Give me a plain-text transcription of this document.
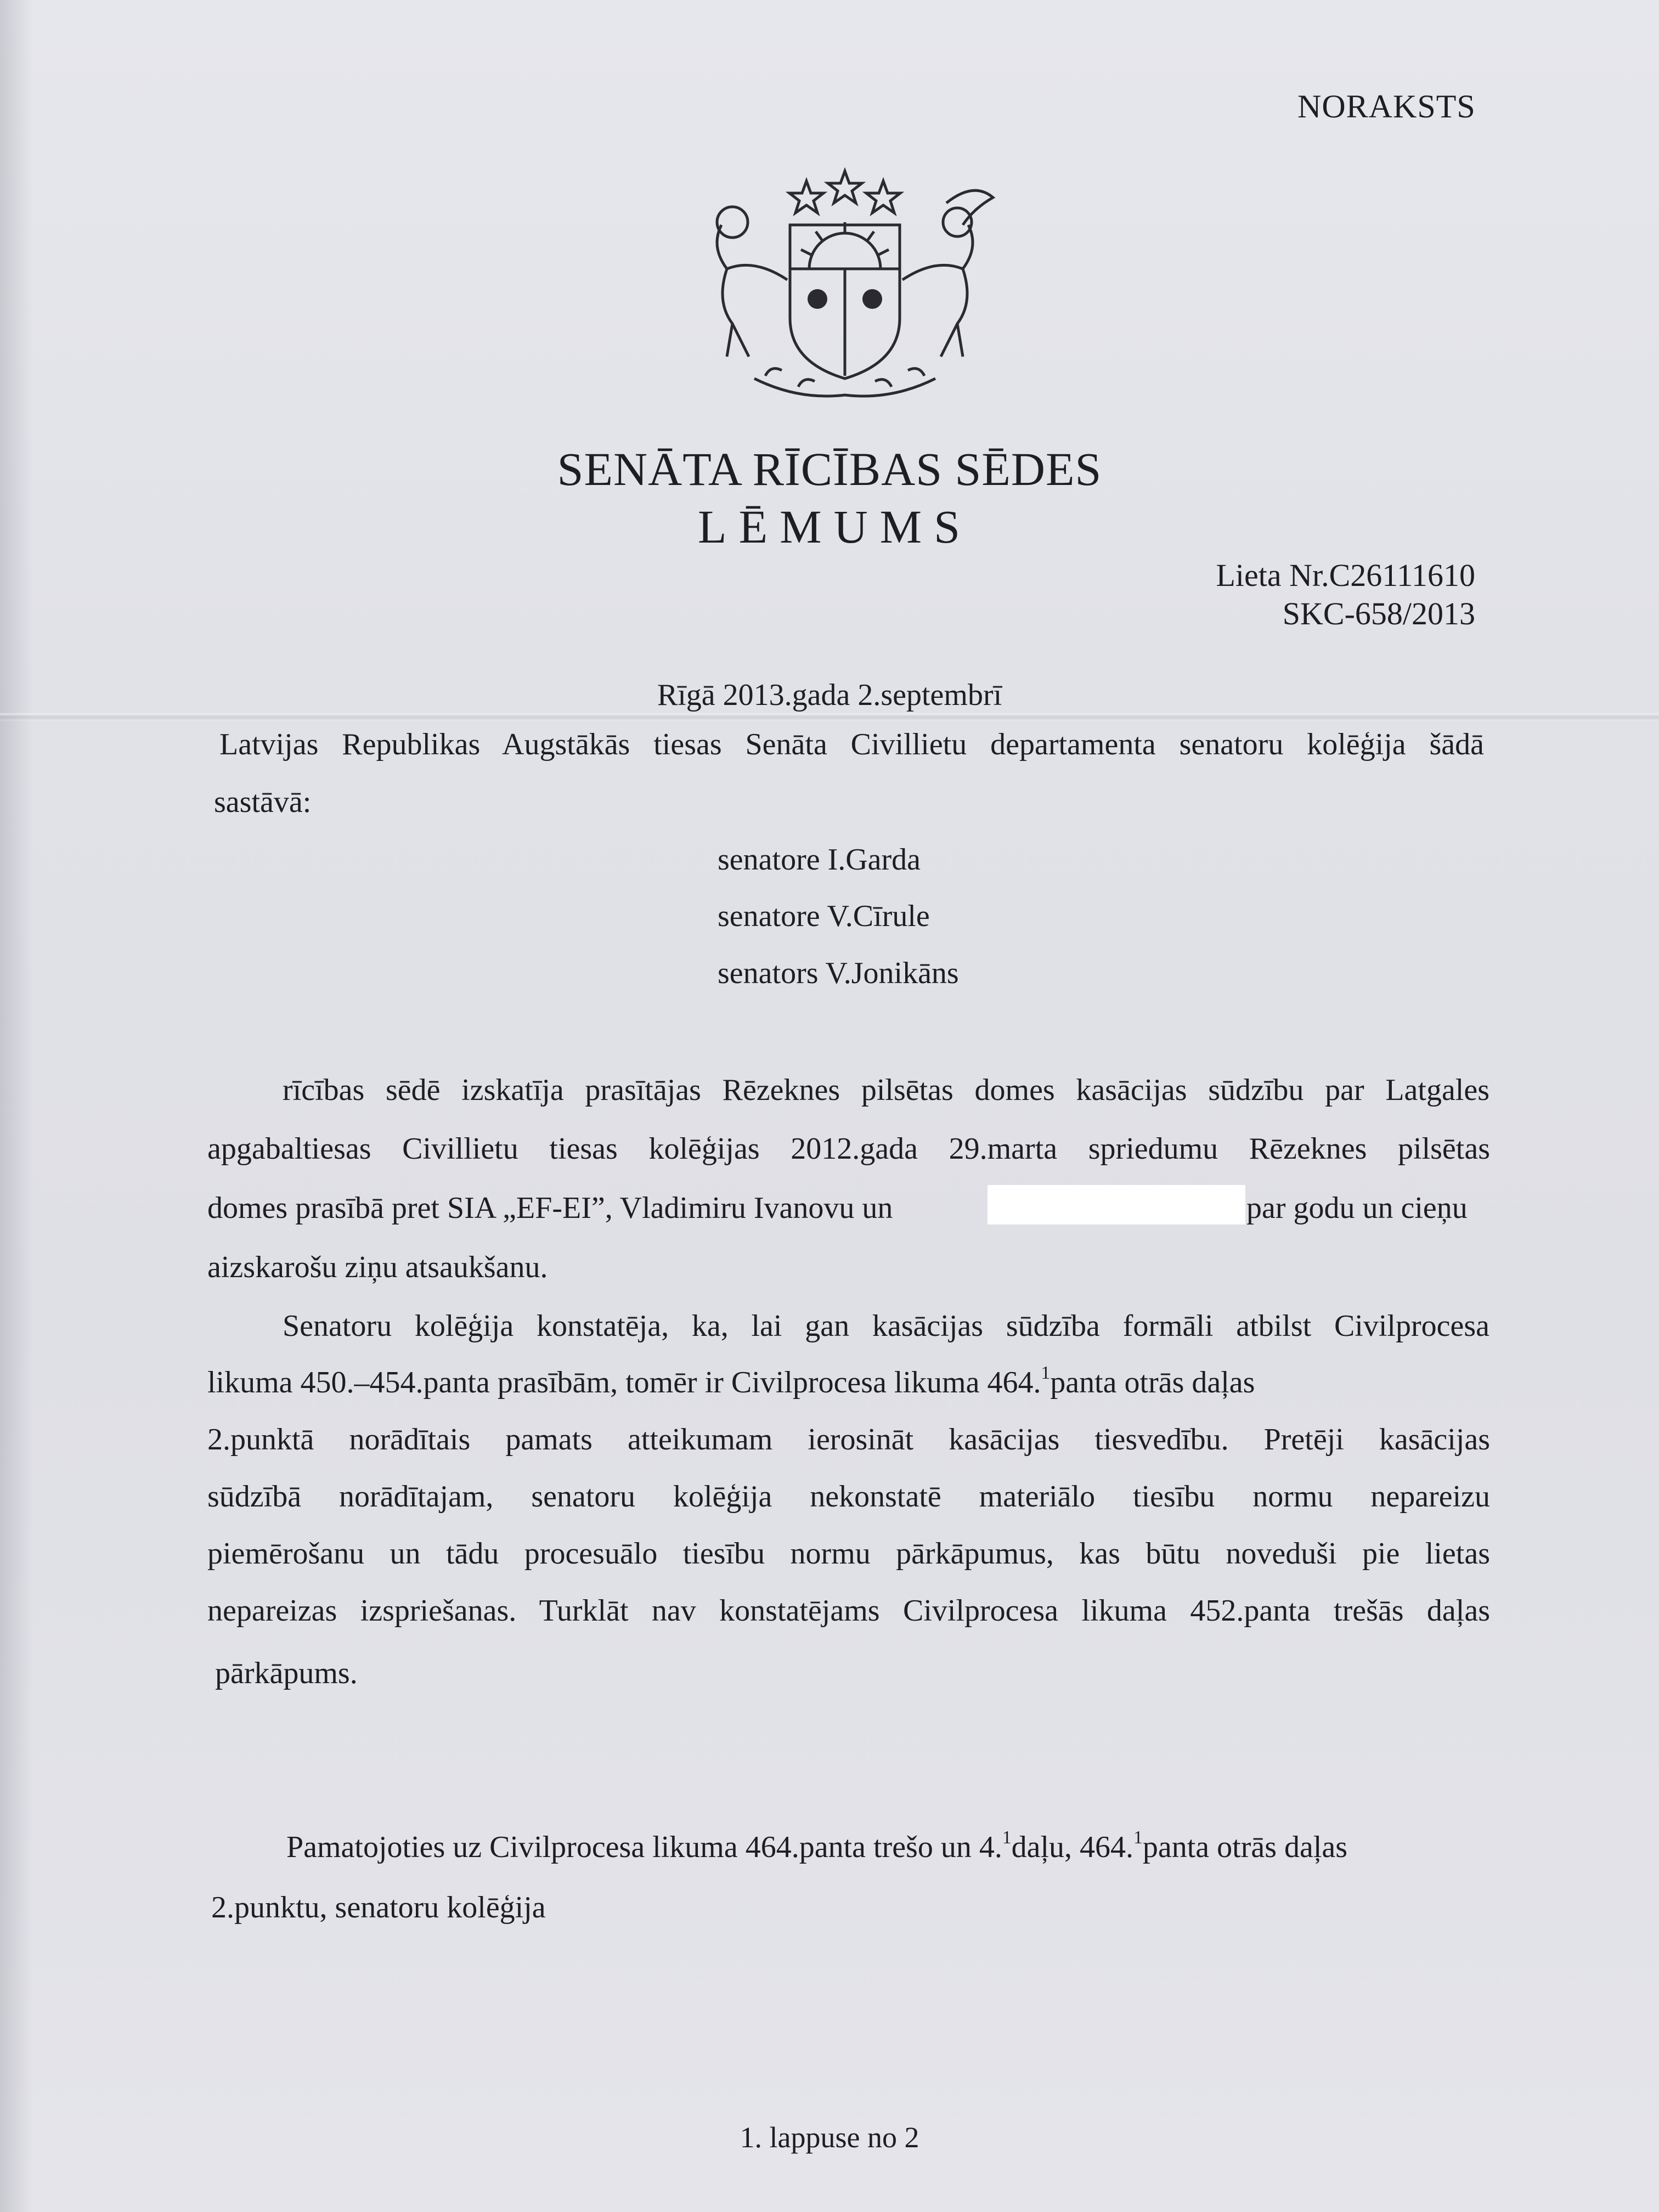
NORAKSTS
SENĀTA RĪCĪBAS SĒDES
LĒMUMS
Lieta Nr.C26111610
SKC-658/2013
Rīgā 2013.gada 2.septembrī
Latvijas Republikas Augstākās tiesas Senāta Civillietu departamenta senatoru kolēģija šādā
sastāvā:
senatore I.Garda
senatore V.Cīrule
senators V.Jonikāns
rīcības sēdē izskatīja prasītājas Rēzeknes pilsētas domes kasācijas sūdzību par Latgales
apgabaltiesas Civillietu tiesas kolēģijas 2012.gada 29.marta spriedumu Rēzeknes pilsētas
domes prasībā pret SIA „EF-EI”, Vladimiru Ivanovu un	par godu un cieņu
aizskarošu ziņu atsaukšanu.
Senatoru kolēģija konstatēja, ka, lai gan kasācijas sūdzība formāli atbilst Civilprocesa
likuma 450.–454.panta prasībām, tomēr ir Civilprocesa likuma 464.$^1$panta otrās daļas
2.punktā norādītais pamats atteikumam ierosināt kasācijas tiesvedību. Pretēji kasācijas
sūdzībā norādītajam, senatoru kolēģija nekonstatē materiālo tiesību normu nepareizu
piemērošanu un tādu procesuālo tiesību normu pārkāpumus, kas būtu noveduši pie lietas
nepareizas izspriešanas. Turklāt nav konstatējams Civilprocesa likuma 452.panta trešās daļas
pārkāpums.
Pamatojoties uz Civilprocesa likuma 464.panta trešo un 4.$^1$daļu, 464.$^1$panta otrās daļas
2.punktu, senatoru kolēģija
1. lappuse no 2
